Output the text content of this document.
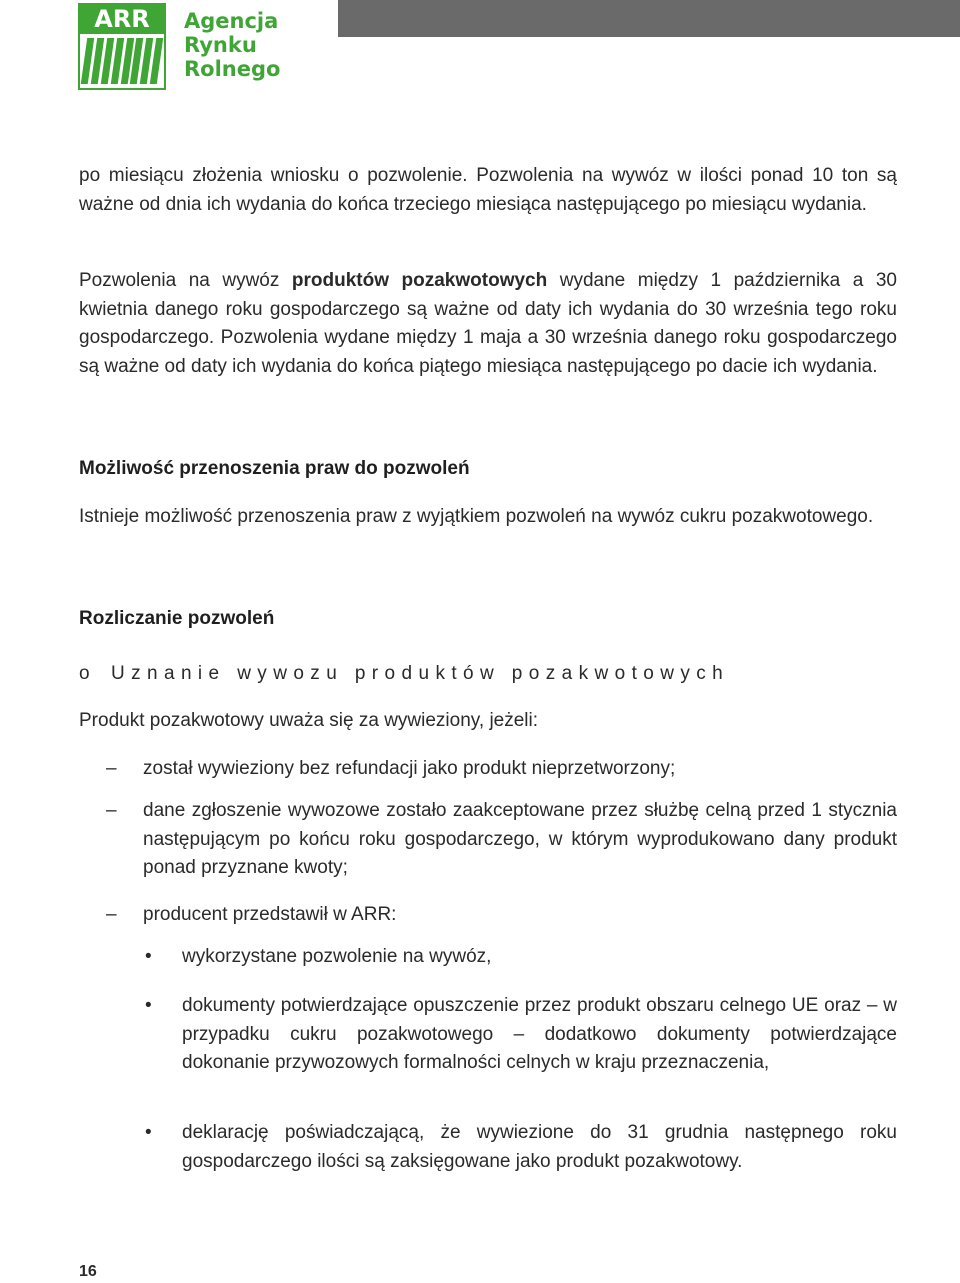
ARR	Agencja
Rynku
Rolnego

po miesiącu złożenia wniosku o pozwolenie. Pozwolenia na wywóz w ilości ponad 10 ton są ważne od dnia ich wydania do końca trzeciego miesiąca następującego po miesiącu wydania.

Pozwolenia na wywóz produktów pozakwotowych wydane między 1 października a 30 kwietnia danego roku gospodarczego są ważne od daty ich wydania do 30 września tego roku gospodarczego. Pozwolenia wydane między 1 maja a 30 września danego roku gospodarczego są ważne od daty ich wydania do końca piątego miesiąca następującego po dacie ich wydania.

Możliwość przenoszenia praw do pozwoleń

Istnieje możliwość przenoszenia praw z wyjątkiem pozwoleń na wywóz cukru pozakwotowego.

Rozliczanie pozwoleń
o Uznanie wywozu produktów pozakwotowych

Produkt pozakwotowy uważa się za wywieziony, jeżeli:

– został wywieziony bez refundacji jako produkt nieprzetworzony;

– dane zgłoszenie wywozowe zostało zaakceptowane przez służbę celną przed 1 stycznia następującym po końcu roku gospodarczego, w którym wyprodukowano dany produkt ponad przyznane kwoty;

– producent przedstawił w ARR:

• wykorzystane pozwolenie na wywóz,

• dokumenty potwierdzające opuszczenie przez produkt obszaru celnego UE oraz – w przypadku cukru pozakwotowego – dodatkowo dokumenty potwierdzające dokonanie przywozowych formalności celnych w kraju przeznaczenia,

• deklarację poświadczającą, że wywiezione do 31 grudnia następnego roku gospodarczego ilości są zaksięgowane jako produkt pozakwotowy.

16
